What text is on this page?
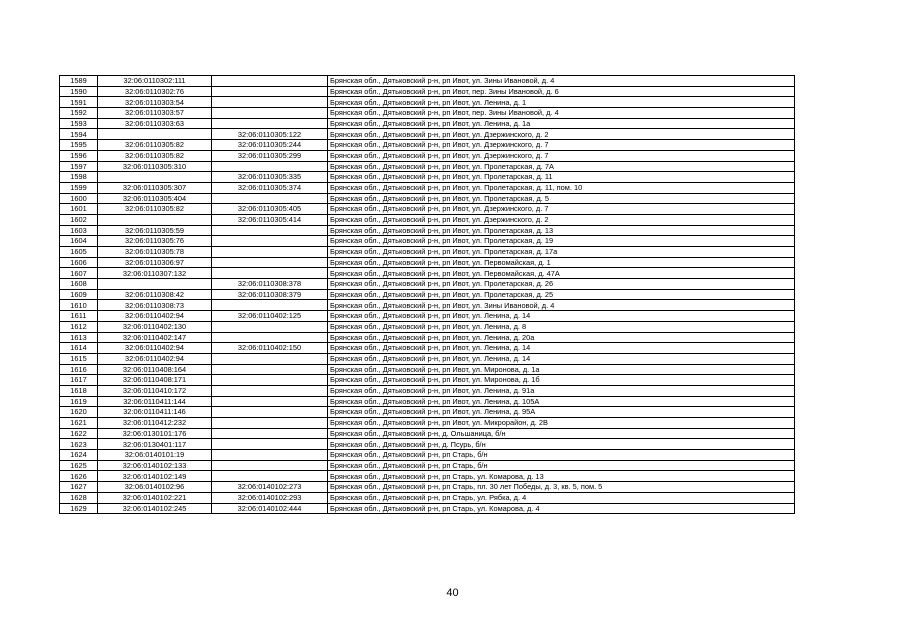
1589	32:06:0110302:111		Брянская обл., Дятьковский р-н, рп Ивот, ул. Зины Ивановой, д. 4
1590	32:06:0110302:76		Брянская обл., Дятьковский р-н, рп Ивот, пер. Зины Ивановой, д. 6
1591	32:06:0110303:54		Брянская обл., Дятьковский р-н, рп Ивот, ул. Ленина, д. 1
1592	32:06:0110303:57		Брянская обл., Дятьковский р-н, рп Ивот, пер. Зины Ивановой, д. 4
1593	32:06:0110303:63		Брянская обл., Дятьковский р-н, рп Ивот, ул. Ленина, д. 1а
1594		32:06:0110305:122	Брянская обл., Дятьковский р-н, рп Ивот, ул. Дзержинского, д. 2
1595	32:06:0110305:82	32:06:0110305:244	Брянская обл., Дятьковский р-н, рп Ивот, ул. Дзержинского, д. 7
1596	32:06:0110305:82	32:06:0110305:299	Брянская обл., Дятьковский р-н, рп Ивот, ул. Дзержинского, д. 7
1597	32:06:0110305:310		Брянская обл., Дятьковский р-н, рп Ивот, ул. Пролетарская, д. 7А
1598		32:06:0110305:335	Брянская обл., Дятьковский р-н, рп Ивот, ул. Пролетарская, д. 11
1599	32:06:0110305:307	32:06:0110305:374	Брянская обл., Дятьковский р-н, рп Ивот, ул. Пролетарская, д. 11, пом. 10
1600	32:06:0110305:404		Брянская обл., Дятьковский р-н, рп Ивот, ул. Пролетарская, д. 5
1601	32:06:0110305:82	32:06:0110305:405	Брянская обл., Дятьковский р-н, рп Ивот, ул. Дзержинского, д. 7
1602		32:06:0110305:414	Брянская обл., Дятьковский р-н, рп Ивот, ул. Дзержинского, д. 2
1603	32:06:0110305:59		Брянская обл., Дятьковский р-н, рп Ивот, ул. Пролетарская, д. 13
1604	32:06:0110305:76		Брянская обл., Дятьковский р-н, рп Ивот, ул. Пролетарская, д. 19
1605	32:06:0110305:78		Брянская обл., Дятьковский р-н, рп Ивот, ул. Пролетарская, д. 17а
1606	32:06:0110306:97		Брянская обл., Дятьковский р-н, рп Ивот, ул. Первомайская, д. 1
1607	32:06:0110307:132		Брянская обл., Дятьковский р-н, рп Ивот, ул. Первомайская, д. 47А
1608		32:06:0110308:378	Брянская обл., Дятьковский р-н, рп Ивот, ул. Пролетарская, д. 26
1609	32:06:0110308:42	32:06:0110308:379	Брянская обл., Дятьковский р-н, рп Ивот, ул. Пролетарская, д. 25
1610	32:06:0110308:73		Брянская обл., Дятьковский р-н, рп Ивот, ул. Зины Ивановой, д. 4
1611	32:06:0110402:94	32:06:0110402:125	Брянская обл., Дятьковский р-н, рп Ивот, ул. Ленина, д. 14
1612	32:06:0110402:130		Брянская обл., Дятьковский р-н, рп Ивот, ул. Ленина, д. 8
1613	32:06:0110402:147		Брянская обл., Дятьковский р-н, рп Ивот, ул. Ленина, д. 20а
1614	32:06:0110402:94	32:06:0110402:150	Брянская обл., Дятьковский р-н, рп Ивот, ул. Ленина, д. 14
1615	32:06:0110402:94		Брянская обл., Дятьковский р-н, рп Ивот, ул. Ленина, д. 14
1616	32:06:0110408:164		Брянская обл., Дятьковский р-н, рп Ивот, ул. Миронова, д. 1а
1617	32:06:0110408:171		Брянская обл., Дятьковский р-н, рп Ивот, ул. Миронова, д. 1б
1618	32:06:0110410:172		Брянская обл., Дятьковский р-н, рп Ивот, ул. Ленина, д. 91а
1619	32:06:0110411:144		Брянская обл., Дятьковский р-н, рп Ивот, ул. Ленина, д. 105А
1620	32:06:0110411:146		Брянская обл., Дятьковский р-н, рп Ивот, ул. Ленина, д. 95А
1621	32:06:0110412:232		Брянская обл., Дятьковский р-н, рп Ивот, ул. Микрорайон, д. 2В
1622	32:06:0130101:176		Брянская обл., Дятьковский р-н, д. Ольшаница, б/н
1623	32:06:0130401:117		Брянская обл., Дятьковский р-н, д. Псурь, б/н
1624	32:06:0140101:19		Брянская обл., Дятьковский р-н, рп Старь, б/н
1625	32:06:0140102:133		Брянская обл., Дятьковский р-н, рп Старь, б/н
1626	32:06:0140102:149		Брянская обл., Дятьковский р-н, рп Старь, ул. Комарова, д. 13
1627	32:06:0140102:96	32:06:0140102:273	Брянская обл., Дятьковский р-н, рп Старь, пл. 30 лет Победы, д. 3, кв. 5, пом. 5
1628	32:06:0140102:221	32:06:0140102:293	Брянская обл., Дятьковский р-н, рп Старь, ул. Рябка, д. 4
1629	32:06:0140102:245	32:06:0140102:444	Брянская обл., Дятьковский р-н, рп Старь, ул. Комарова, д. 4
40
